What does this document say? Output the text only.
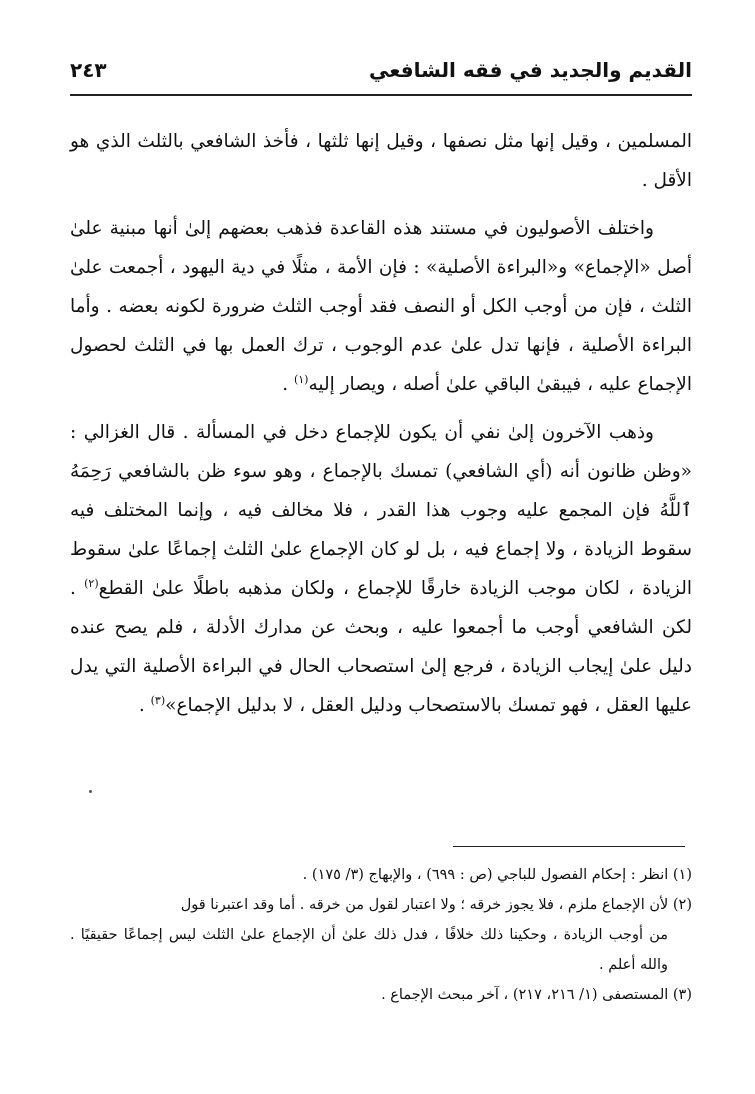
القديم والجديد في فقه الشافعي
٢٤٣

المسلمين ، وقيل إنها مثل نصفها ، وقيل إنها ثلثها ، فأخذ الشافعي بالثلث الذي هو الأقل .

واختلف الأصوليون في مستند هذه القاعدة فذهب بعضهم إلىٰ أنها مبنية علىٰ أصل «الإجماع» و«البراءة الأصلية» : فإن الأمة ، مثلًا في دية اليهود ، أجمعت علىٰ الثلث ، فإن من أوجب الكل أو النصف فقد أوجب الثلث ضرورة لكونه بعضه . وأما البراءة الأصلية ، فإنها تدل علىٰ عدم الوجوب ، ترك العمل بها في الثلث لحصول الإجماع عليه ، فيبقىٰ الباقي علىٰ أصله ، ويصار إليه$^{(١)}$ .

وذهب الآخرون إلىٰ نفي أن يكون للإجماع دخل في المسألة . قال الغزالي : «وظن ظانون أنه (أي الشافعي) تمسك بالإجماع ، وهو سوء ظن بالشافعي رَحِمَهُ ٱللَّهُ فإن المجمع عليه وجوب هذا القدر ، فلا مخالف فيه ، وإنما المختلف فيه سقوط الزيادة ، ولا إجماع فيه ، بل لو كان الإجماع علىٰ الثلث إجماعًا علىٰ سقوط الزيادة ، لكان موجب الزيادة خارقًا للإجماع ، ولكان مذهبه باطلًا علىٰ القطع$^{(٢)}$ . لكن الشافعي أوجب ما أجمعوا عليه ، وبحث عن مدارك الأدلة ، فلم يصح عنده دليل علىٰ إيجاب الزيادة ، فرجع إلىٰ استصحاب الحال في البراءة الأصلية التي يدل عليها العقل ، فهو تمسك بالاستصحاب ودليل العقل ، لا بدليل الإجماع»$^{(٣)}$ .

(١) انظر : إحكام الفصول للباجي (ص : ٦٩٩) ، والإبهاج (٣/ ١٧٥) .

(٢) لأن الإجماع ملزم ، فلا يجوز خرقه ؛ ولا اعتبار لقول من خرقه . أما وقد اعتبرنا قول

من أوجب الزيادة ، وحكينا ذلك خلافًا ، فدل ذلك علىٰ أن الإجماع علىٰ الثلث ليس إجماعًا حقيقيًا . والله أعلم .

(٣) المستصفى (١/ ٢١٦، ٢١٧) ، آخر مبحث الإجماع .
